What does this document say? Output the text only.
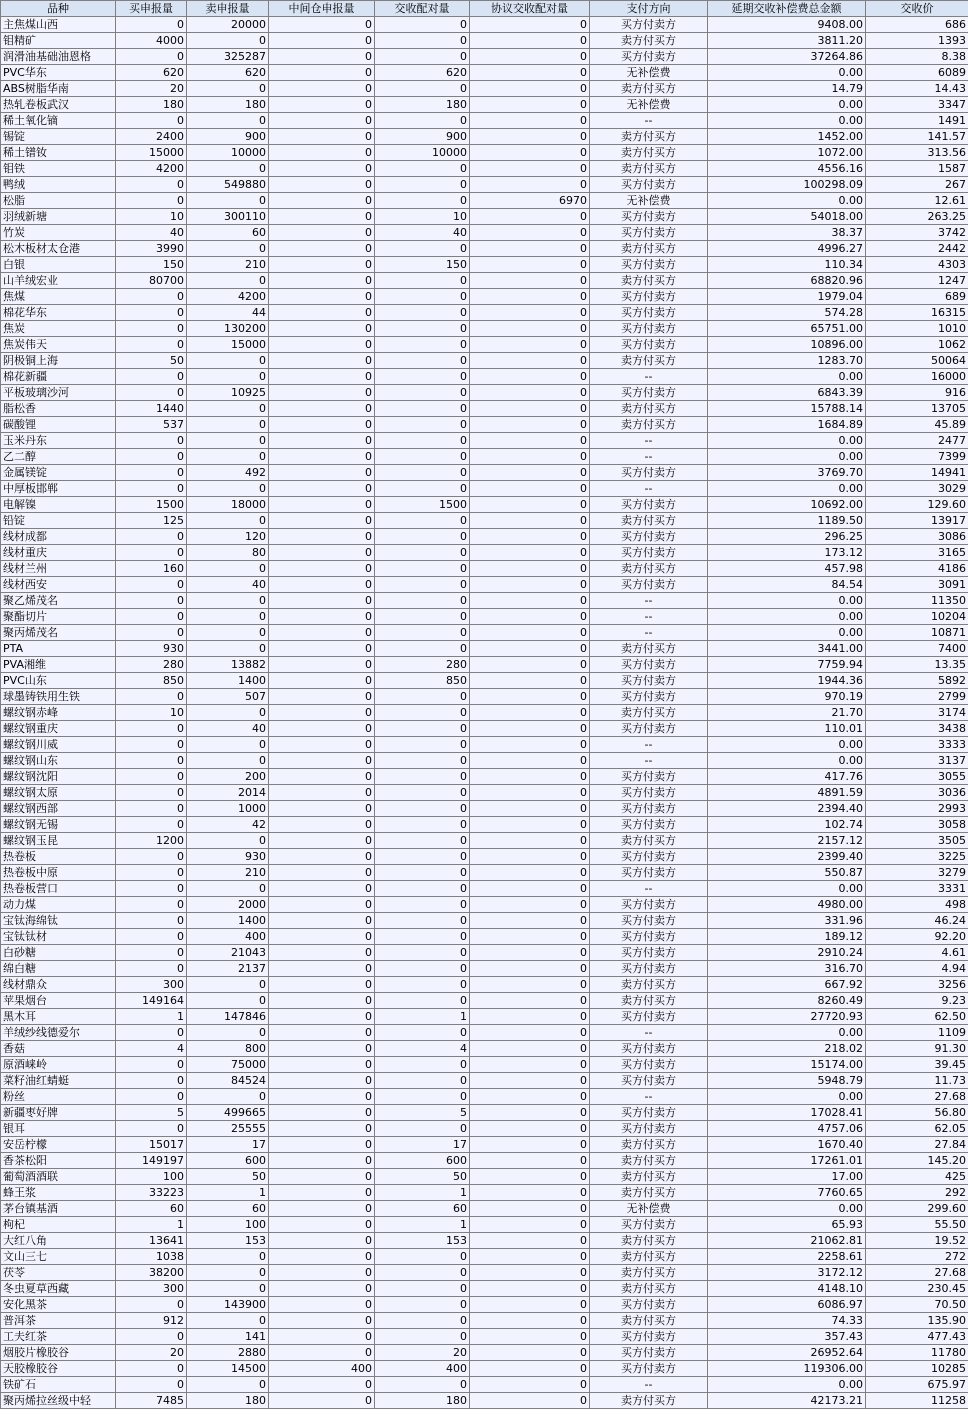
品种	买申报量	卖申报量	中间仓申报量	交收配对量	协议交收配对量	支付方向	延期交收补偿费总金额	交收价
主焦煤山西	0	20000	0	0	0	买方付卖方	9408.00	686
钼精矿	4000	0	0	0	0	卖方付买方	3811.20	1393
润滑油基础油恩格	0	325287	0	0	0	买方付卖方	37264.86	8.38
PVC华东	620	620	0	620	0	无补偿费	0.00	6089
ABS树脂华南	20	0	0	0	0	卖方付买方	14.79	14.43
热轧卷板武汉	180	180	0	180	0	无补偿费	0.00	3347
稀土氧化镝	0	0	0	0	0	--	0.00	1491
锡锭	2400	900	0	900	0	卖方付买方	1452.00	141.57
稀土镨钕	15000	10000	0	10000	0	卖方付买方	1072.00	313.56
钼铁	4200	0	0	0	0	卖方付买方	4556.16	1587
鸭绒	0	549880	0	0	0	买方付卖方	100298.09	267
松脂	0	0	0	0	6970	无补偿费	0.00	12.61
羽绒新塘	10	300110	0	10	0	买方付卖方	54018.00	263.25
竹炭	40	60	0	40	0	买方付卖方	38.37	3742
松木板材太仓港	3990	0	0	0	0	卖方付买方	4996.27	2442
白银	150	210	0	150	0	买方付卖方	110.34	4303
山羊绒宏业	80700	0	0	0	0	卖方付买方	68820.96	1247
焦煤	0	4200	0	0	0	买方付卖方	1979.04	689
棉花华东	0	44	0	0	0	买方付卖方	574.28	16315
焦炭	0	130200	0	0	0	买方付卖方	65751.00	1010
焦炭伟天	0	15000	0	0	0	买方付卖方	10896.00	1062
阴极铜上海	50	0	0	0	0	卖方付买方	1283.70	50064
棉花新疆	0	0	0	0	0	--	0.00	16000
平板玻璃沙河	0	10925	0	0	0	买方付卖方	6843.39	916
脂松香	1440	0	0	0	0	卖方付买方	15788.14	13705
碳酸锂	537	0	0	0	0	卖方付买方	1684.89	45.89
玉米丹东	0	0	0	0	0	--	0.00	2477
乙二醇	0	0	0	0	0	--	0.00	7399
金属镁锭	0	492	0	0	0	买方付卖方	3769.70	14941
中厚板邯郸	0	0	0	0	0	--	0.00	3029
电解镍	1500	18000	0	1500	0	买方付卖方	10692.00	129.60
铅锭	125	0	0	0	0	卖方付买方	1189.50	13917
线材成都	0	120	0	0	0	买方付卖方	296.25	3086
线材重庆	0	80	0	0	0	买方付卖方	173.12	3165
线材兰州	160	0	0	0	0	卖方付买方	457.98	4186
线材西安	0	40	0	0	0	买方付卖方	84.54	3091
聚乙烯茂名	0	0	0	0	0	--	0.00	11350
聚酯切片	0	0	0	0	0	--	0.00	10204
聚丙烯茂名	0	0	0	0	0	--	0.00	10871
PTA	930	0	0	0	0	卖方付买方	3441.00	7400
PVA湘维	280	13882	0	280	0	买方付卖方	7759.94	13.35
PVC山东	850	1400	0	850	0	买方付卖方	1944.36	5892
球墨铸铁用生铁	0	507	0	0	0	买方付卖方	970.19	2799
螺纹钢赤峰	10	0	0	0	0	卖方付买方	21.70	3174
螺纹钢重庆	0	40	0	0	0	买方付卖方	110.01	3438
螺纹钢川威	0	0	0	0	0	--	0.00	3333
螺纹钢山东	0	0	0	0	0	--	0.00	3137
螺纹钢沈阳	0	200	0	0	0	买方付卖方	417.76	3055
螺纹钢太原	0	2014	0	0	0	买方付卖方	4891.59	3036
螺纹钢西部	0	1000	0	0	0	买方付卖方	2394.40	2993
螺纹钢无锡	0	42	0	0	0	买方付卖方	102.74	3058
螺纹钢玉昆	1200	0	0	0	0	卖方付买方	2157.12	3505
热卷板	0	930	0	0	0	买方付卖方	2399.40	3225
热卷板中原	0	210	0	0	0	买方付卖方	550.87	3279
热卷板营口	0	0	0	0	0	--	0.00	3331
动力煤	0	2000	0	0	0	买方付卖方	4980.00	498
宝钛海绵钛	0	1400	0	0	0	买方付卖方	331.96	46.24
宝钛钛材	0	400	0	0	0	买方付卖方	189.12	92.20
白砂糖	0	21043	0	0	0	买方付卖方	2910.24	4.61
绵白糖	0	2137	0	0	0	买方付卖方	316.70	4.94
线材鼎众	300	0	0	0	0	卖方付买方	667.92	3256
苹果烟台	149164	0	0	0	0	卖方付买方	8260.49	9.23
黑木耳	1	147846	0	1	0	买方付卖方	27720.93	62.50
羊绒纱线德爱尔	0	0	0	0	0	--	0.00	1109
香菇	4	800	0	4	0	买方付卖方	218.02	91.30
原酒崃岭	0	75000	0	0	0	买方付卖方	15174.00	39.45
菜籽油红蜻蜓	0	84524	0	0	0	买方付卖方	5948.79	11.73
粉丝	0	0	0	0	0	--	0.00	27.68
新疆枣好牌	5	499665	0	5	0	买方付卖方	17028.41	56.80
银耳	0	25555	0	0	0	买方付卖方	4757.06	62.05
安岳柠檬	15017	17	0	17	0	卖方付买方	1670.40	27.84
香茶松阳	149197	600	0	600	0	卖方付买方	17261.01	145.20
葡萄酒酒联	100	50	0	50	0	卖方付买方	17.00	425
蜂王浆	33223	1	0	1	0	卖方付买方	7760.65	292
茅台镇基酒	60	60	0	60	0	无补偿费	0.00	299.60
枸杞	1	100	0	1	0	买方付卖方	65.93	55.50
大红八角	13641	153	0	153	0	卖方付买方	21062.81	19.52
文山三七	1038	0	0	0	0	卖方付买方	2258.61	272
茯苓	38200	0	0	0	0	卖方付买方	3172.12	27.68
冬虫夏草西藏	300	0	0	0	0	卖方付买方	4148.10	230.45
安化黑茶	0	143900	0	0	0	买方付卖方	6086.97	70.50
普洱茶	912	0	0	0	0	卖方付买方	74.33	135.90
工夫红茶	0	141	0	0	0	买方付卖方	357.43	477.43
烟胶片橡胶谷	20	2880	0	20	0	买方付卖方	26952.64	11780
天胶橡胶谷	0	14500	400	400	0	买方付卖方	119306.00	10285
铁矿石	0	0	0	0	0	--	0.00	675.97
聚丙烯拉丝级中轻	7485	180	0	180	0	卖方付买方	42173.21	11258
